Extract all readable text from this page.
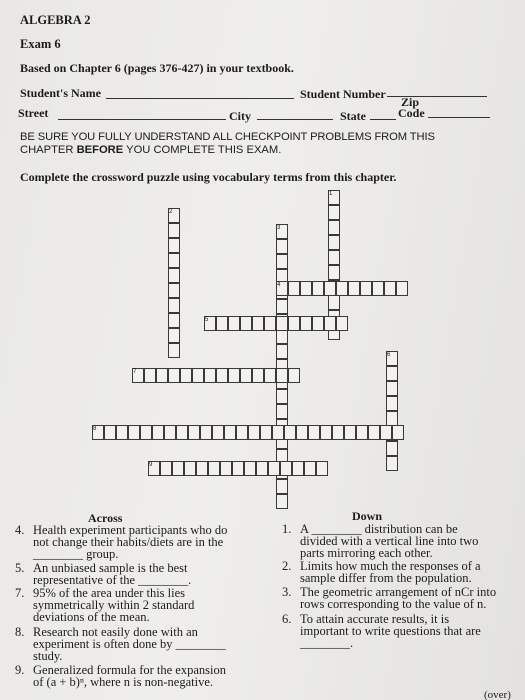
ALGEBRA 2
Exam 6
Based on Chapter 6 (pages 376-427) in your textbook.
Student's Name	Student Number
Street	City	State
Zip
Code
BE SURE YOU FULLY UNDERSTAND ALL CHECKPOINT PROBLEMS FROM THIS
CHAPTER BEFORE YOU COMPLETE THIS EXAM.
Complete the crossword puzzle using vocabulary terms from this chapter.
1
2
3
4
5
6
7
8
9
Across	Down
4. Health experiment participants who do
not change their habits/diets are in the
________ group.
5. An unbiased sample is the best
representative of the ________.
7. 95% of the area under this lies
symmetrically within 2 standard
deviations of the mean.
8. Research not easily done with an
experiment is often done by ________
study.
9. Generalized formula for the expansion
of (a + b)ⁿ, where n is non-negative.
1. A ________ distribution can be
divided with a vertical line into two
parts mirroring each other.
2. Limits how much the responses of a
sample differ from the population.
3. The geometric arrangement of nCr into
rows corresponding to the value of n.
6. To attain accurate results, it is
important to write questions that are
________.
(over)
